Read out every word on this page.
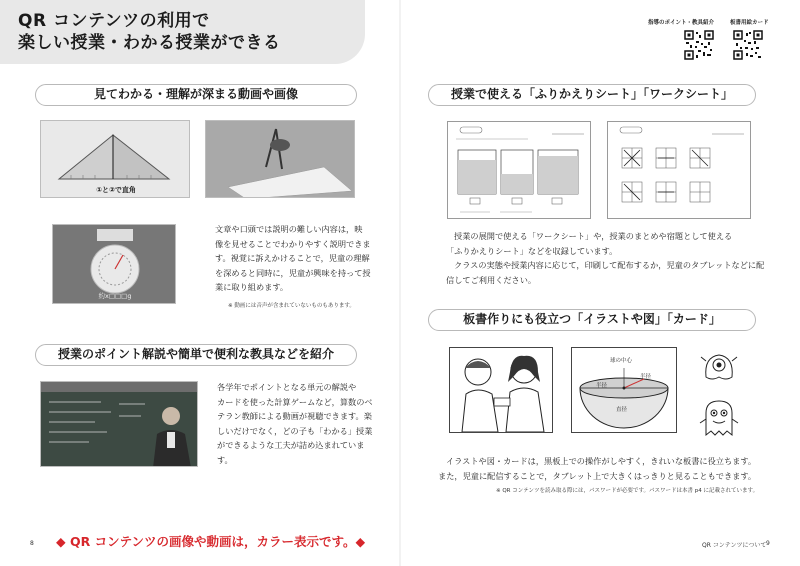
QR コンテンツの利用で
楽しい授業・わかる授業ができる
見てわかる・理解が深まる動画や画像
①と②で直角
約ⅹ□□□g
文章や口頭では説明の難しい内容は，映
像を見せることでわかりやすく説明できま
す。視覚に訴えかけることで，児童の理解
を深めると同時に，児童が興味を持って授
業に取り組めます。
※ 動画には音声が含まれていないものもあります。
授業のポイント解説や簡単で便利な教具などを紹介
各学年でポイントとなる単元の解説や
カードを使った計算ゲームなど，算数のベ
テラン教師による動画が視聴できます。楽
しいだけでなく，どの子も「わかる」授業
ができるような工夫が詰め込まれていま
す。
◆ QR コンテンツの画像や動画は，カラー表示です。◆
8
指導のポイント・教具紹介	板書用絵カード
授業で使える「ふりかえりシート」「ワークシート」
授業の展開で使える「ワークシート」や，授業のまとめや宿題として使える
「ふりかえりシート」などを収録しています。
クラスの実態や授業内容に応じて，印刷して配布するか，児童のタブレットなどに配
信してご利用ください。
板書作りにも役立つ「イラストや図」「カード」
球の中心
半径
半径
直径
イラストや図・カードは，黒板上での操作がしやすく，きれいな板書に役立ちます。
また，児童に配信することで，タブレット上で大きくはっきりと見ることもできます。
※ QR コンテンツを読み取る際には，パスワードが必要です。パスワードは本書 p4 に記載されています。
QR コンテンツについて 9
